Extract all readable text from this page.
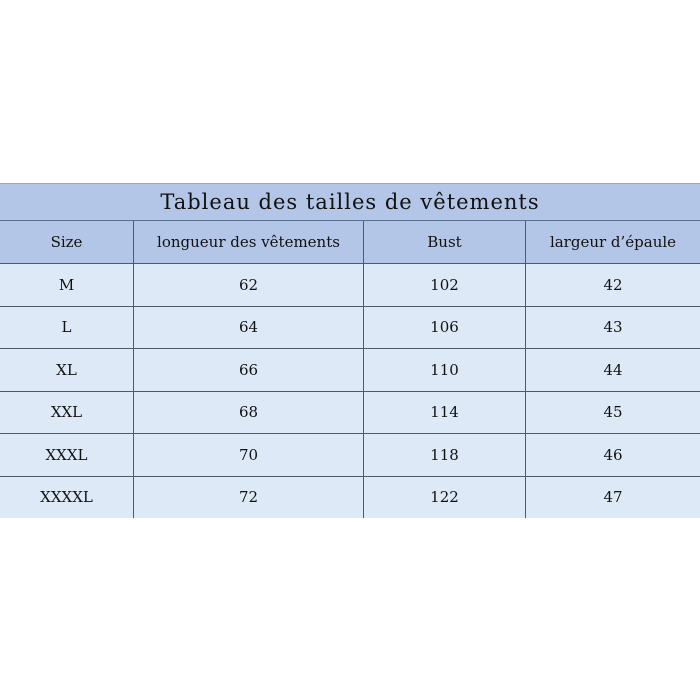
Tableau des tailles de vêtements
Size	longueur des vêtements	Bust	largeur d’épaule
M	62	102	42
L	64	106	43
XL	66	110	44
XXL	68	114	45
XXXL	70	118	46
XXXXL	72	122	47
